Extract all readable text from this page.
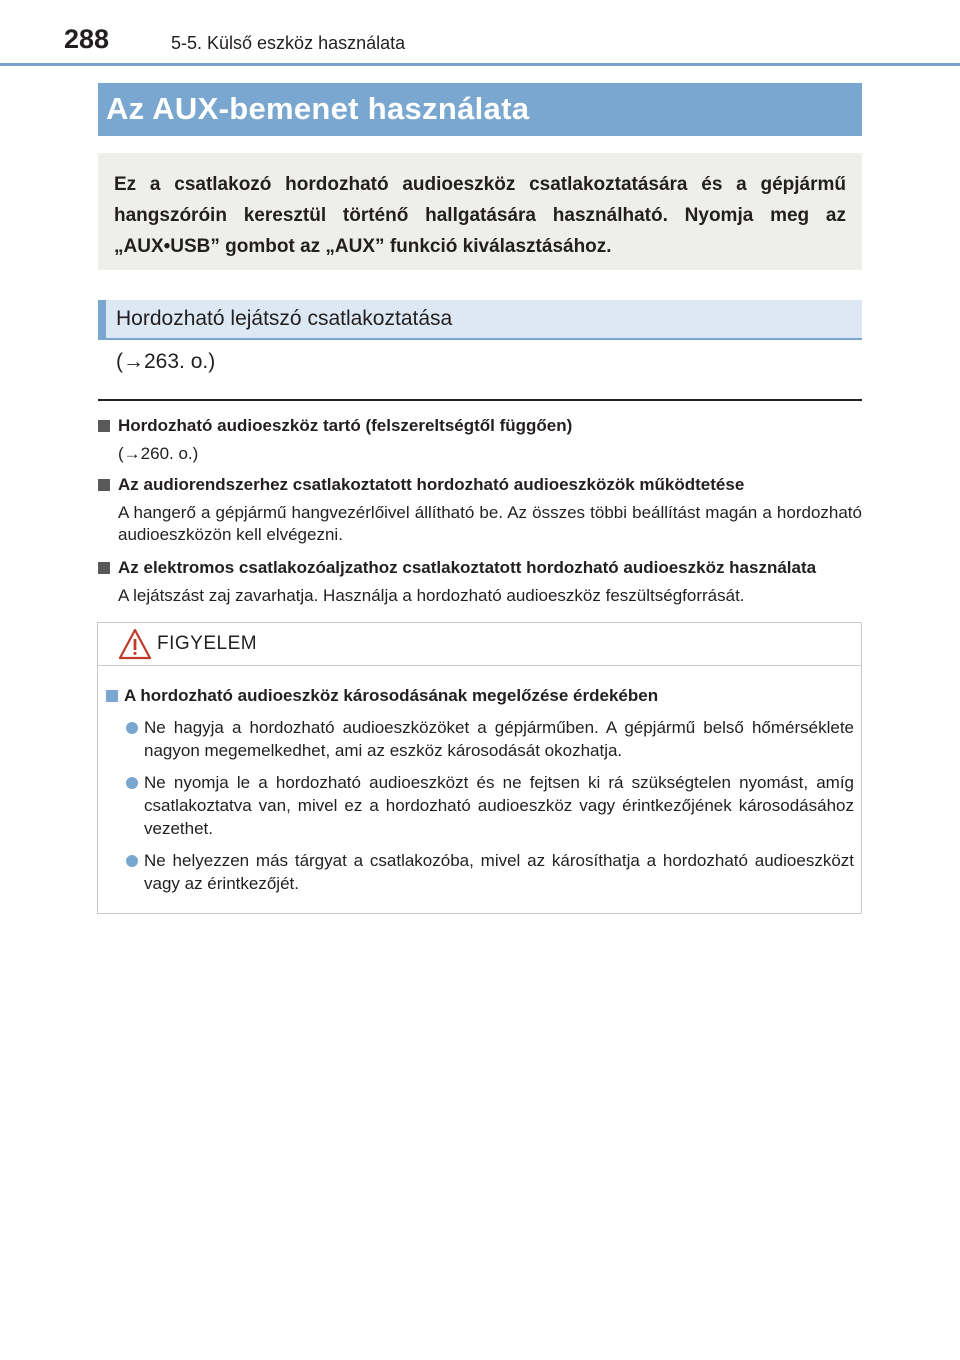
288	5-5. Külső eszköz használata
Az AUX-bemenet használata
Ez a csatlakozó hordozható audioeszköz csatlakoztatására és a gépjármű hangszóróin keresztül történő hallgatására használható. Nyomja meg az „AUX•USB” gombot az „AUX” funkció kiválasztásához.
Hordozható lejátszó csatlakoztatása
(→263. o.)
Hordozható audioeszköz tartó (felszereltségtől függően)
(→260. o.)
Az audiorendszerhez csatlakoztatott hordozható audioeszközök működtetése
A hangerő a gépjármű hangvezérlőivel állítható be. Az összes többi beállítást magán a hordozható audioeszközön kell elvégezni.
Az elektromos csatlakozóaljzathoz csatlakoztatott hordozható audioeszköz használata
A lejátszást zaj zavarhatja. Használja a hordozható audioeszköz feszültségforrását.
FIGYELEM
A hordozható audioeszköz károsodásának megelőzése érdekében
Ne hagyja a hordozható audioeszközöket a gépjárműben. A gépjármű belső hőmérséklete nagyon megemelkedhet, ami az eszköz károsodását okozhatja.
Ne nyomja le a hordozható audioeszközt és ne fejtsen ki rá szükségtelen nyomást, amíg csatlakoztatva van, mivel ez a hordozható audioeszköz vagy érintkezőjének károsodásához vezethet.
Ne helyezzen más tárgyat a csatlakozóba, mivel az károsíthatja a hordozható audioeszközt vagy az érintkezőjét.
